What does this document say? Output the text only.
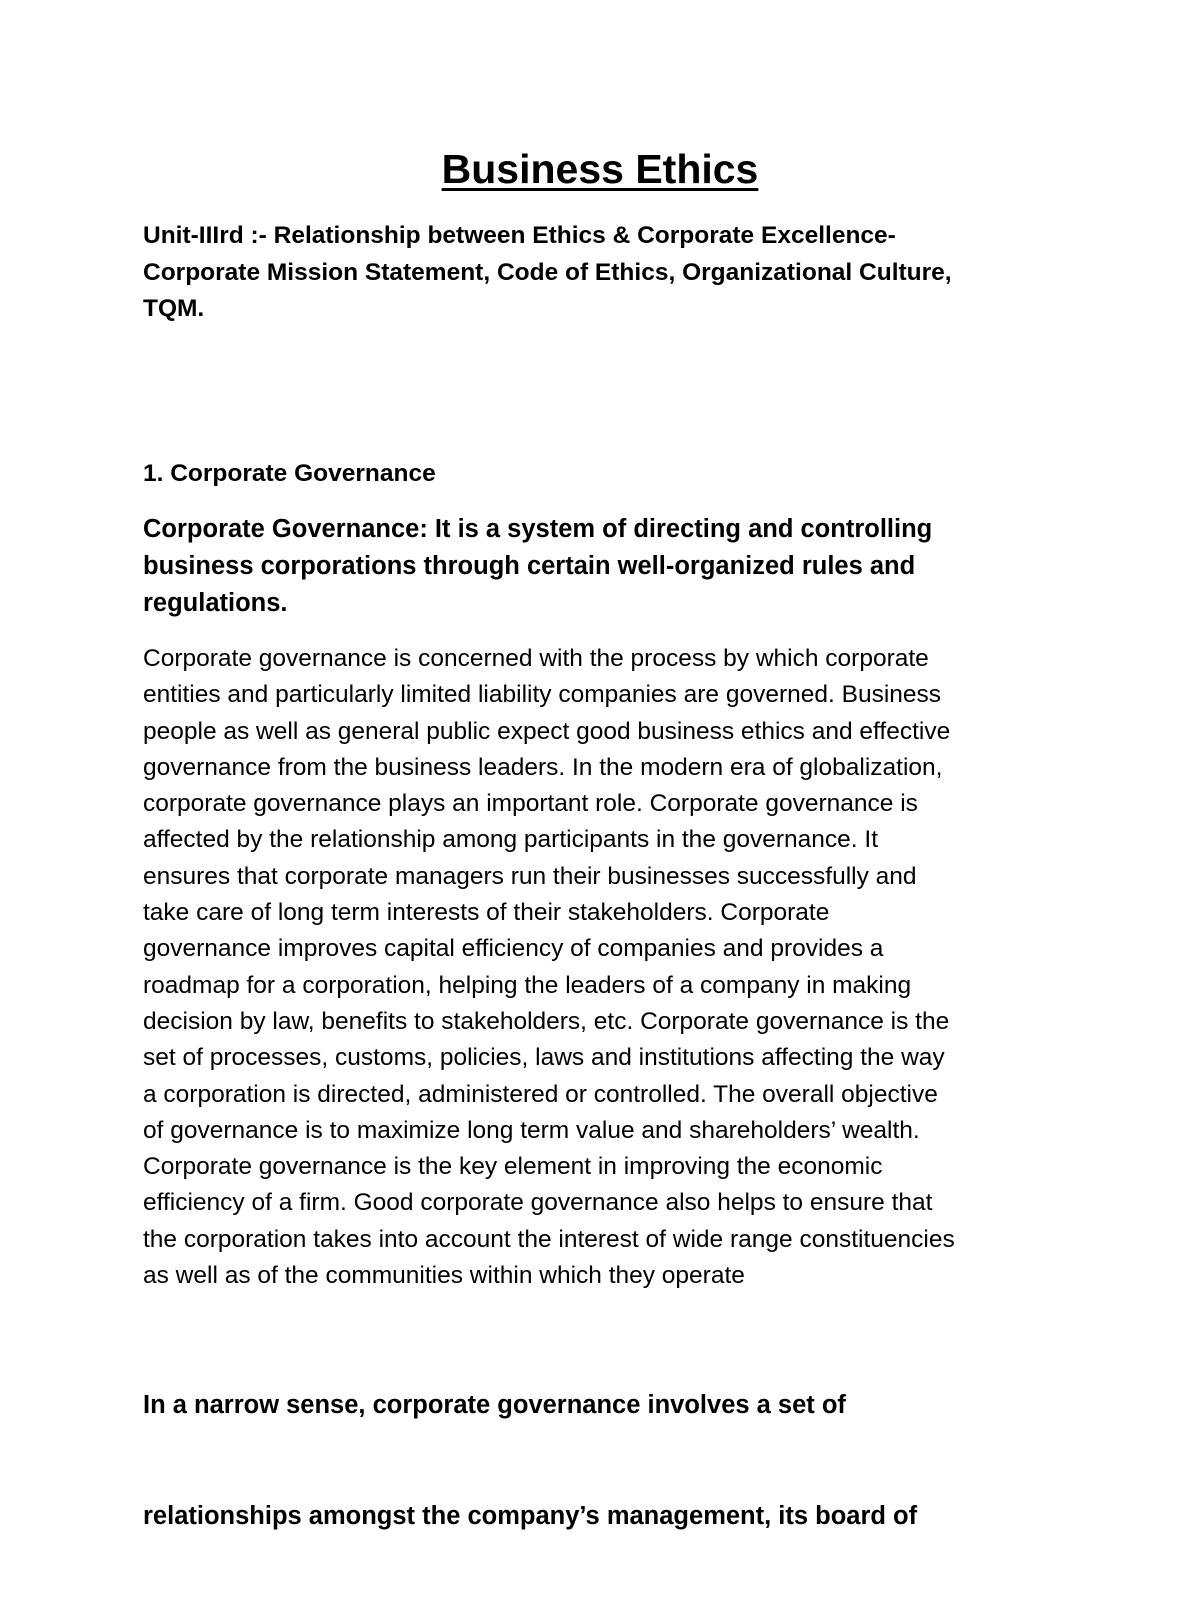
Business Ethics

Unit-IIIrd :- Relationship between Ethics & Corporate Excellence-
Corporate Mission Statement, Code of Ethics, Organizational Culture,
TQM.

1. Corporate Governance

Corporate Governance: It is a system of directing and controlling
business corporations through certain well-organized rules and
regulations.

Corporate governance is concerned with the process by which corporate
entities and particularly limited liability companies are governed. Business
people as well as general public expect good business ethics and effective
governance from the business leaders. In the modern era of globalization,
corporate governance plays an important role. Corporate governance is
affected by the relationship among participants in the governance. It
ensures that corporate managers run their businesses successfully and
take care of long term interests of their stakeholders. Corporate
governance improves capital efficiency of companies and provides a
roadmap for a corporation, helping the leaders of a company in making
decision by law, benefits to stakeholders, etc. Corporate governance is the
set of processes, customs, policies, laws and institutions affecting the way
a corporation is directed, administered or controlled. The overall objective
of governance is to maximize long term value and shareholders’ wealth.
Corporate governance is the key element in improving the economic
efficiency of a firm. Good corporate governance also helps to ensure that
the corporation takes into account the interest of wide range constituencies
as well as of the communities within which they operate

In a narrow sense, corporate governance involves a set of

relationships amongst the company’s management, its board of
